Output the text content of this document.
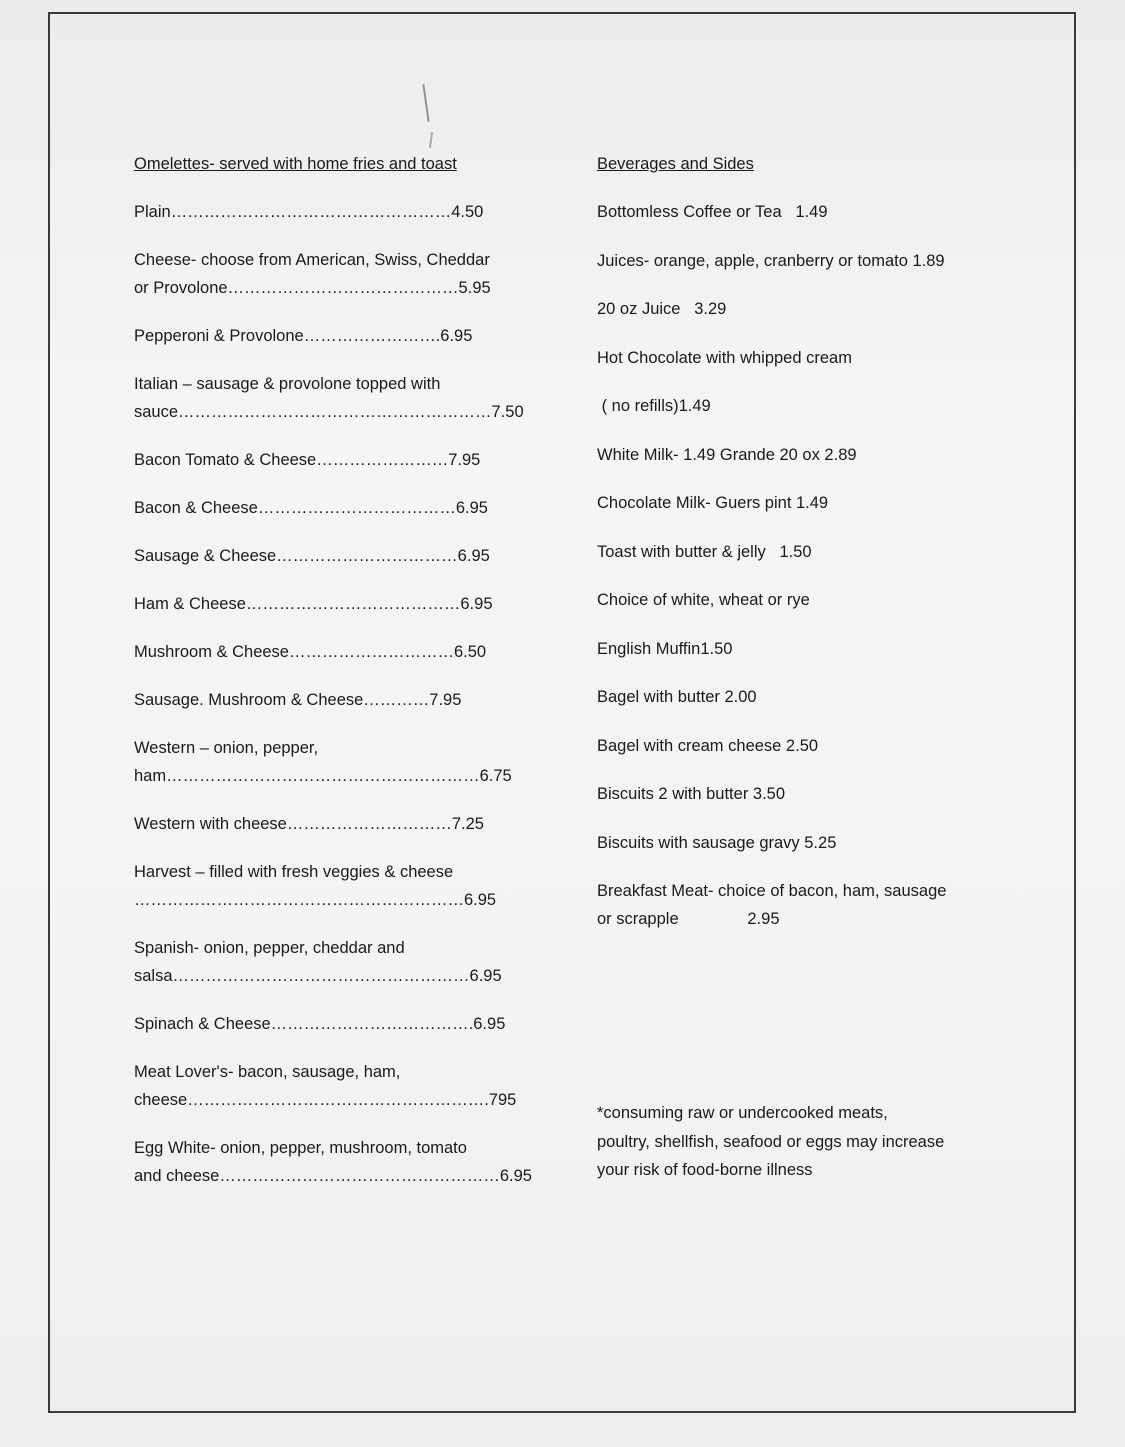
Omelettes- served with home fries and toast
Plain……………………………………………4.50
Cheese- choose from American, Swiss, Cheddar
or Provolone……………………………………5.95
Pepperoni & Provolone…………………….6.95
Italian – sausage & provolone topped with
sauce…………………………………………………7.50
Bacon Tomato & Cheese……………………7.95
Bacon & Cheese………………………………6.95
Sausage & Cheese……………………………6.95
Ham & Cheese…………………………………6.95
Mushroom & Cheese…………………………6.50
Sausage. Mushroom & Cheese…………7.95
Western – onion, pepper,
ham…………………………………………………6.75
Western with cheese…………………………7.25
Harvest – filled with fresh veggies & cheese
……………………………………………………6.95
Spanish- onion, pepper, cheddar and
salsa………………………………………………6.95
Spinach & Cheese……………………………….6.95
Meat Lover's- bacon, sausage, ham,
cheese……………………………………………….795
Egg White- onion, pepper, mushroom, tomato
and cheese……………………………………………6.95
Beverages and Sides
Bottomless Coffee or Tea   1.49
Juices- orange, apple, cranberry or tomato 1.89
20 oz Juice   3.29
Hot Chocolate with whipped cream
( no refills)1.49
White Milk- 1.49 Grande 20 ox 2.89
Chocolate Milk- Guers pint 1.49
Toast with butter & jelly   1.50
Choice of white, wheat or rye
English Muffin1.50
Bagel with butter 2.00
Bagel with cream cheese 2.50
Biscuits 2 with butter 3.50
Biscuits with sausage gravy 5.25
Breakfast Meat- choice of bacon, ham, sausage
or scrapple               2.95
*consuming raw or undercooked meats,
poultry, shellfish, seafood or eggs may increase
your risk of food-borne illness
